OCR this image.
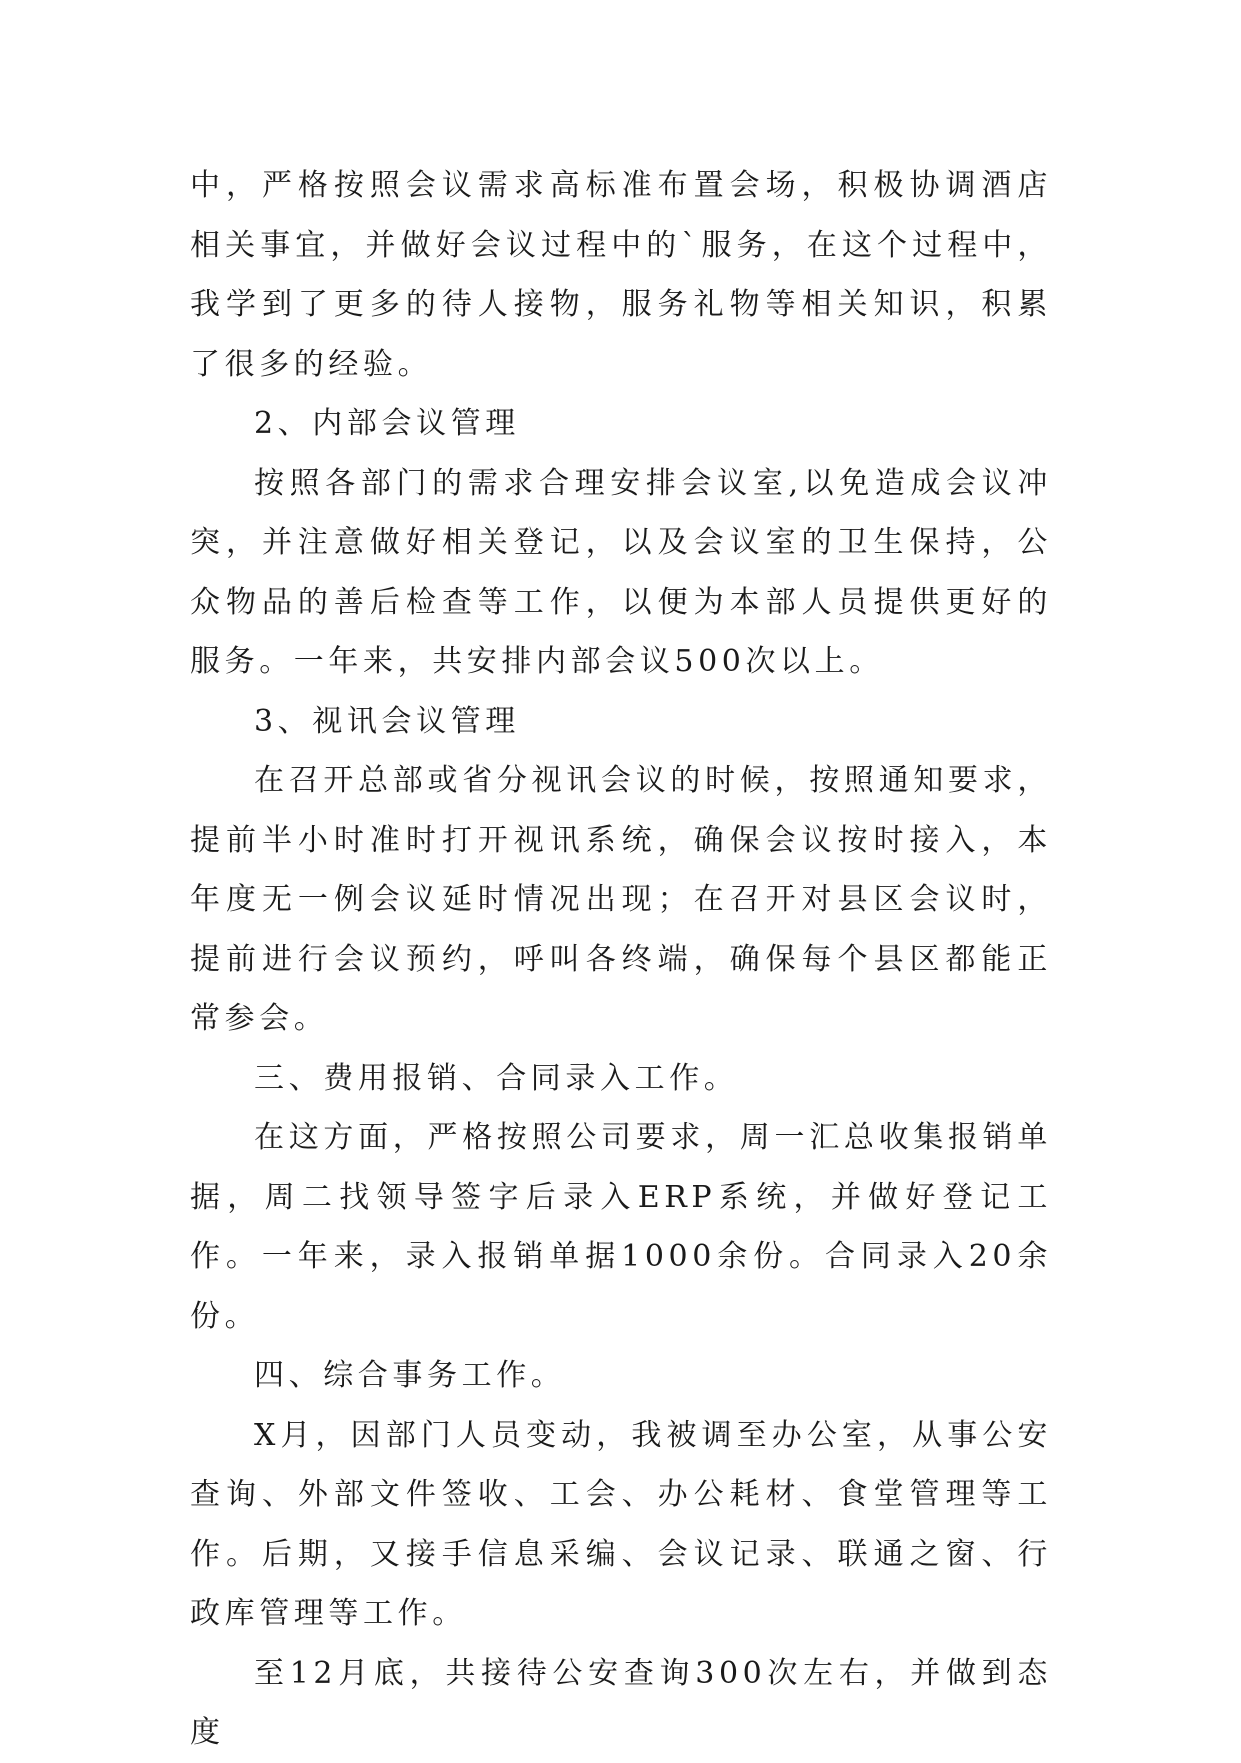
中，严格按照会议需求高标准布置会场，积极协调酒店相关事宜，并做好会议过程中的`服务，在这个过程中，我学到了更多的待人接物，服务礼物等相关知识，积累了很多的经验。

2、内部会议管理

按照各部门的需求合理安排会议室,以免造成会议冲突，并注意做好相关登记，以及会议室的卫生保持，公众物品的善后检查等工作，以便为本部人员提供更好的服务。一年来，共安排内部会议500次以上。

3、视讯会议管理

在召开总部或省分视讯会议的时候，按照通知要求，提前半小时准时打开视讯系统，确保会议按时接入，本年度无一例会议延时情况出现；在召开对县区会议时，提前进行会议预约，呼叫各终端，确保每个县区都能正常参会。

三、费用报销、合同录入工作。

在这方面，严格按照公司要求，周一汇总收集报销单据，周二找领导签字后录入ERP系统，并做好登记工作。一年来，录入报销单据1000余份。合同录入20余份。

四、综合事务工作。

X月，因部门人员变动，我被调至办公室，从事公安查询、外部文件签收、工会、办公耗材、食堂管理等工作。后期，又接手信息采编、会议记录、联通之窗、行政库管理等工作。

至12月底，共接待公安查询300次左右，并做到态度
